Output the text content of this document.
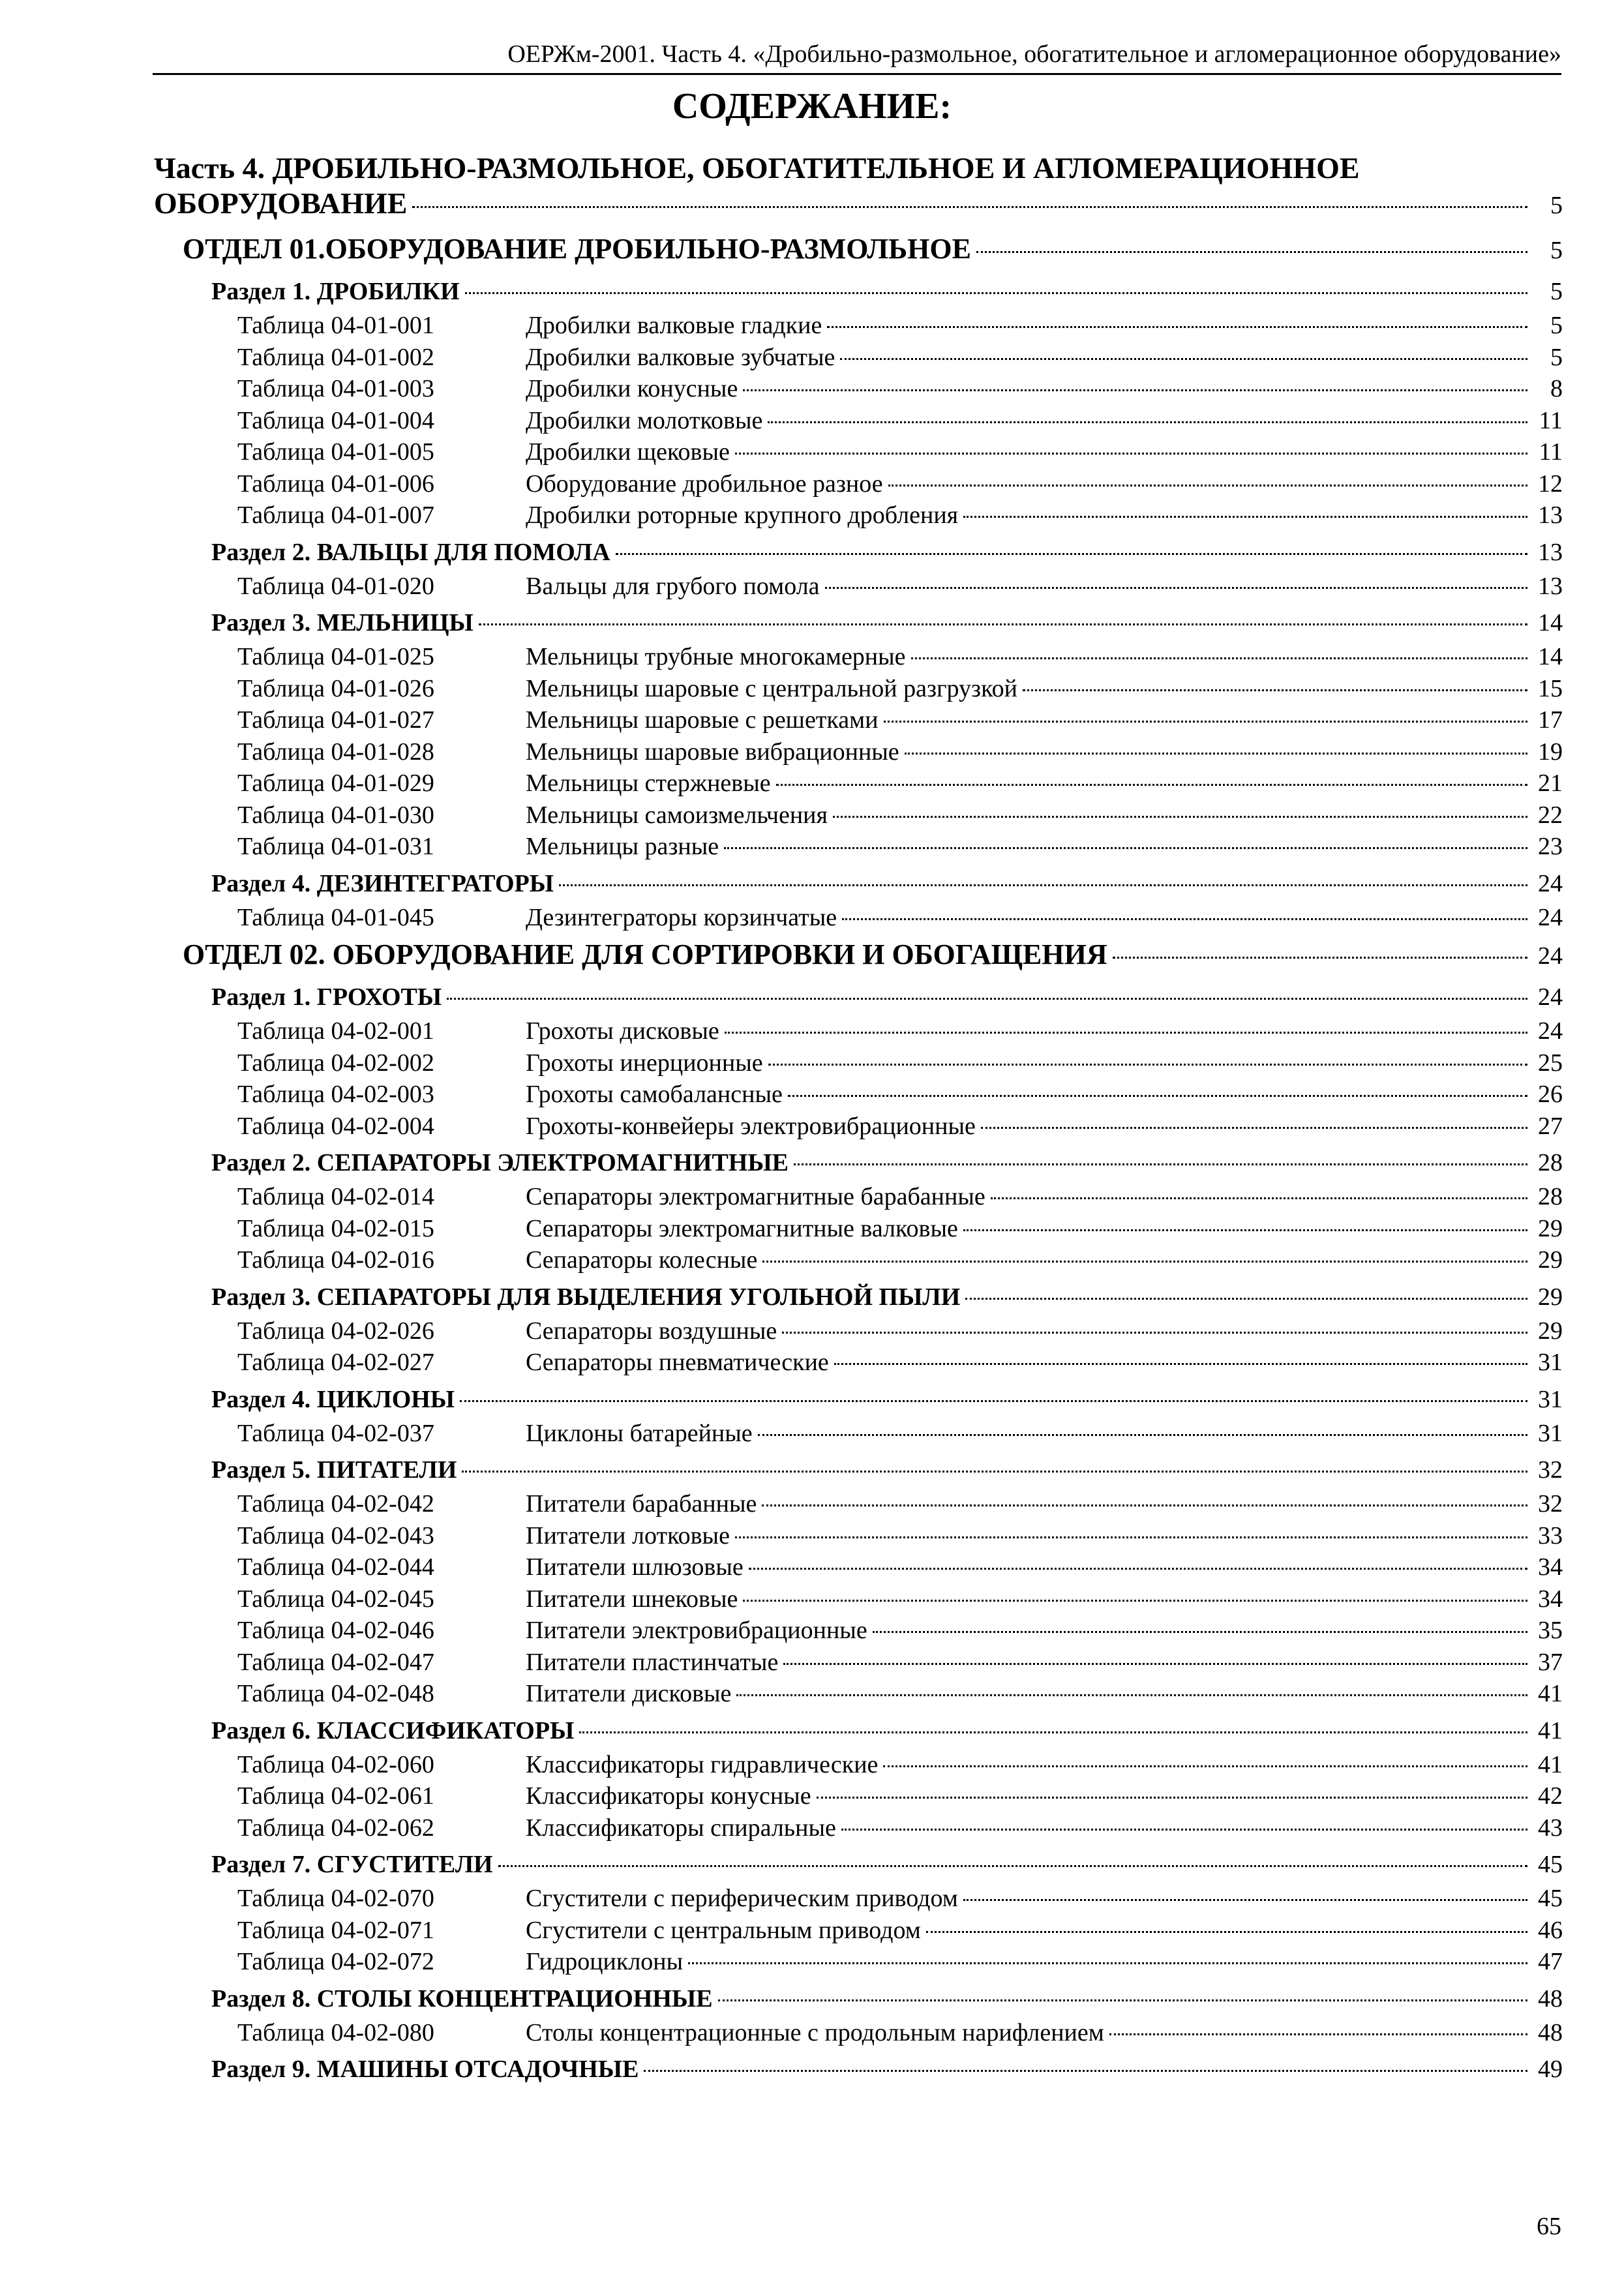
ОЕРЖм-2001. Часть 4. «Дробильно-размольное, обогатительное и агломерационное оборудование»
СОДЕРЖАНИЕ:
Часть 4. ДРОБИЛЬНО-РАЗМОЛЬНОЕ, ОБОГАТИТЕЛЬНОЕ И АГЛОМЕРАЦИОННОЕ
ОБОРУДОВАНИЕ	5
ОТДЕЛ 01.ОБОРУДОВАНИЕ ДРОБИЛЬНО-РАЗМОЛЬНОЕ	5
Раздел 1. ДРОБИЛКИ	5
Таблица 04-01-001	Дробилки валковые гладкие	5
Таблица 04-01-002	Дробилки валковые зубчатые	5
Таблица 04-01-003	Дробилки конусные	8
Таблица 04-01-004	Дробилки молотковые	11
Таблица 04-01-005	Дробилки щековые	11
Таблица 04-01-006	Оборудование дробильное разное	12
Таблица 04-01-007	Дробилки роторные крупного дробления	13
Раздел 2. ВАЛЬЦЫ ДЛЯ ПОМОЛА	13
Таблица 04-01-020	Вальцы для грубого помола	13
Раздел 3. МЕЛЬНИЦЫ	14
Таблица 04-01-025	Мельницы трубные многокамерные	14
Таблица 04-01-026	Мельницы шаровые с центральной разгрузкой	15
Таблица 04-01-027	Мельницы шаровые с решетками	17
Таблица 04-01-028	Мельницы шаровые вибрационные	19
Таблица 04-01-029	Мельницы стержневые	21
Таблица 04-01-030	Мельницы самоизмельчения	22
Таблица 04-01-031	Мельницы разные	23
Раздел 4. ДЕЗИНТЕГРАТОРЫ	24
Таблица 04-01-045	Дезинтеграторы корзинчатые	24
ОТДЕЛ 02. ОБОРУДОВАНИЕ ДЛЯ СОРТИРОВКИ И ОБОГАЩЕНИЯ	24
Раздел 1. ГРОХОТЫ	24
Таблица 04-02-001	Грохоты дисковые	24
Таблица 04-02-002	Грохоты инерционные	25
Таблица 04-02-003	Грохоты самобалансные	26
Таблица 04-02-004	Грохоты-конвейеры электровибрационные	27
Раздел 2. СЕПАРАТОРЫ ЭЛЕКТРОМАГНИТНЫЕ	28
Таблица 04-02-014	Сепараторы электромагнитные барабанные	28
Таблица 04-02-015	Сепараторы электромагнитные валковые	29
Таблица 04-02-016	Сепараторы колесные	29
Раздел 3. СЕПАРАТОРЫ ДЛЯ ВЫДЕЛЕНИЯ УГОЛЬНОЙ ПЫЛИ	29
Таблица 04-02-026	Сепараторы воздушные	29
Таблица 04-02-027	Сепараторы пневматические	31
Раздел 4. ЦИКЛОНЫ	31
Таблица 04-02-037	Циклоны батарейные	31
Раздел 5. ПИТАТЕЛИ	32
Таблица 04-02-042	Питатели барабанные	32
Таблица 04-02-043	Питатели лотковые	33
Таблица 04-02-044	Питатели шлюзовые	34
Таблица 04-02-045	Питатели шнековые	34
Таблица 04-02-046	Питатели электровибрационные	35
Таблица 04-02-047	Питатели пластинчатые	37
Таблица 04-02-048	Питатели дисковые	41
Раздел 6. КЛАССИФИКАТОРЫ	41
Таблица 04-02-060	Классификаторы гидравлические	41
Таблица 04-02-061	Классификаторы конусные	42
Таблица 04-02-062	Классификаторы спиральные	43
Раздел 7. СГУСТИТЕЛИ	45
Таблица 04-02-070	Сгустители с периферическим приводом	45
Таблица 04-02-071	Сгустители с центральным приводом	46
Таблица 04-02-072	Гидроциклоны	47
Раздел 8. СТОЛЫ КОНЦЕНТРАЦИОННЫЕ	48
Таблица 04-02-080	Столы концентрационные с продольным нарифлением	48
Раздел 9. МАШИНЫ ОТСАДОЧНЫЕ	49
65
